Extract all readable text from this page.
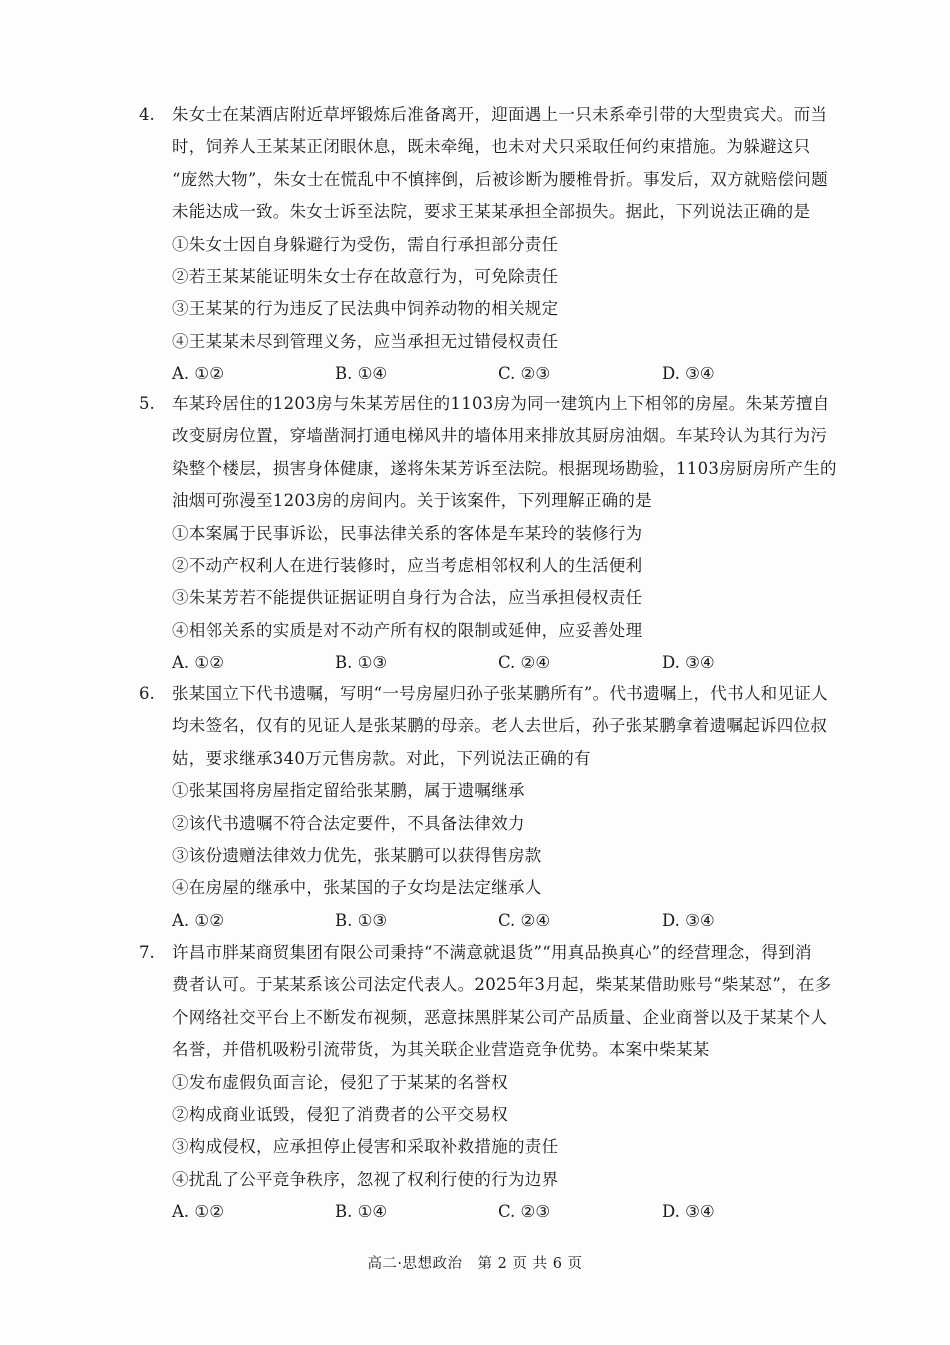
4. 朱女士在某酒店附近草坪锻炼后准备离开，迎面遇上一只未系牵引带的大型贵宾犬。而当
时，饲养人王某某正闭眼休息，既未牵绳，也未对犬只采取任何约束措施。为躲避这只
“庞然大物”，朱女士在慌乱中不慎摔倒，后被诊断为腰椎骨折。事发后，双方就赔偿问题
未能达成一致。朱女士诉至法院，要求王某某承担全部损失。据此，下列说法正确的是
①朱女士因自身躲避行为受伤，需自行承担部分责任
②若王某某能证明朱女士存在故意行为，可免除责任
③王某某的行为违反了民法典中饲养动物的相关规定
④王某某未尽到管理义务，应当承担无过错侵权责任
A. ①②	B. ①④	C. ②③	D. ③④
5. 车某玲居住的1203房与朱某芳居住的1103房为同一建筑内上下相邻的房屋。朱某芳擅自
改变厨房位置，穿墙凿洞打通电梯风井的墙体用来排放其厨房油烟。车某玲认为其行为污
染整个楼层，损害身体健康，遂将朱某芳诉至法院。根据现场勘验，1103房厨房所产生的
油烟可弥漫至1203房的房间内。关于该案件，下列理解正确的是
①本案属于民事诉讼，民事法律关系的客体是车某玲的装修行为
②不动产权利人在进行装修时，应当考虑相邻权利人的生活便利
③朱某芳若不能提供证据证明自身行为合法，应当承担侵权责任
④相邻关系的实质是对不动产所有权的限制或延伸，应妥善处理
A. ①②	B. ①③	C. ②④	D. ③④
6. 张某国立下代书遗嘱，写明“一号房屋归孙子张某鹏所有”。代书遗嘱上，代书人和见证人
均未签名，仅有的见证人是张某鹏的母亲。老人去世后，孙子张某鹏拿着遗嘱起诉四位叔
姑，要求继承340万元售房款。对此，下列说法正确的有
①张某国将房屋指定留给张某鹏，属于遗嘱继承
②该代书遗嘱不符合法定要件，不具备法律效力
③该份遗赠法律效力优先，张某鹏可以获得售房款
④在房屋的继承中，张某国的子女均是法定继承人
A. ①②	B. ①③	C. ②④	D. ③④
7. 许昌市胖某商贸集团有限公司秉持“不满意就退货”“用真品换真心”的经营理念，得到消
费者认可。于某某系该公司法定代表人。2025年3月起，柴某某借助账号“柴某怼”，在多
个网络社交平台上不断发布视频，恶意抹黑胖某公司产品质量、企业商誉以及于某某个人
名誉，并借机吸粉引流带货，为其关联企业营造竞争优势。本案中柴某某
①发布虚假负面言论，侵犯了于某某的名誉权
②构成商业诋毁，侵犯了消费者的公平交易权
③构成侵权，应承担停止侵害和采取补救措施的责任
④扰乱了公平竞争秩序，忽视了权利行使的行为边界
A. ①②	B. ①④	C. ②③	D. ③④
高二·思想政治　第 2 页 共 6 页
